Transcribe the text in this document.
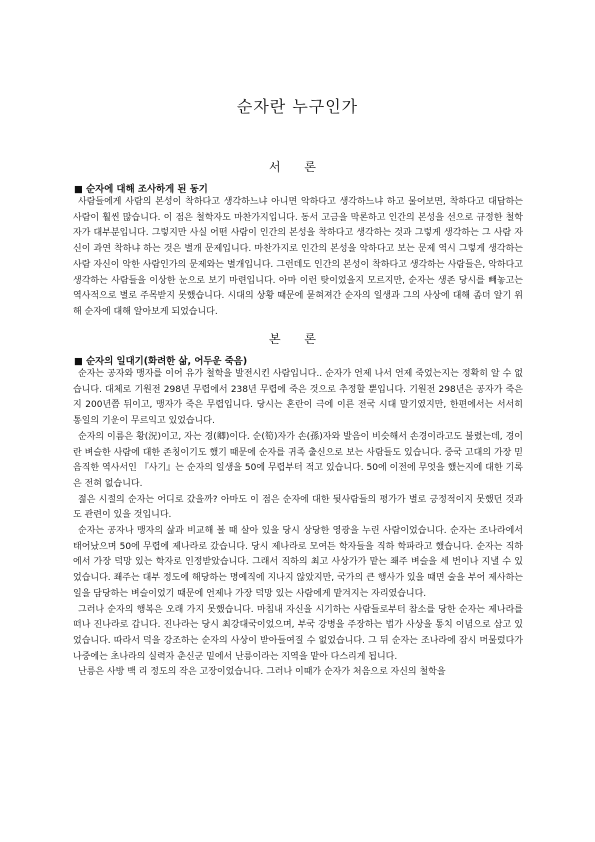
순자란 누구인가
서 론
■ 순자에 대해 조사하게 된 동기

사람들에게 사람의 본성이 착하다고 생각하느냐 아니면 악하다고 생각하느냐 하고 물어보면, 착하다고 대답하는 사람이 훨씬 많습니다. 이 점은 철학자도 마찬가지입니다. 동서 고금을 막론하고 인간의 본성을 선으로 규정한 철학자가 대부분입니다. 그렇지만 사실 어떤 사람이 인간의 본성을 착하다고 생각하는 것과 그렇게 생각하는 그 사람 자신이 과연 착하냐 하는 것은 별개 문제입니다. 마찬가지로 인간의 본성을 악하다고 보는 문제 역시 그렇게 생각하는 사람 자신이 악한 사람인가의 문제와는 별개입니다. 그런데도 인간의 본성이 착하다고 생각하는 사람들은, 악하다고 생각하는 사람들을 이상한 눈으로 보기 마련입니다. 아마 이런 탓이었을지 모르지만, 순자는 생존 당시를 빼놓고는 역사적으로 별로 주목받지 못했습니다. 시대의 상황 때문에 묻혀져간 순자의 일생과 그의 사상에 대해 좀더 알기 위해 순자에 대해 알아보게 되었습니다.

본 론
■ 순자의 일대기(화려한 삶, 어두운 죽음)

순자는 공자와 맹자를 이어 유가 철학을 발전시킨 사람입니다.. 순자가 언제 나서 언제 죽었는지는 정확히 알 수 없습니다. 대체로 기원전 298년 무렵에서 238년 무렵에 죽은 것으로 추정할 뿐입니다. 기원전 298년은 공자가 죽은지 200년쯤 뒤이고, 맹자가 죽은 무렵입니다. 당시는 혼란이 극에 이른 전국 시대 말기였지만, 한편에서는 서서히 통일의 기운이 무르익고 있었습니다.

순자의 이름은 황(況)이고, 자는 경(卿)이다. 순(筍)자가 손(孫)자와 발음이 비슷해서 손경이라고도 불렸는데, 경이란 벼슬한 사람에 대한 존칭이기도 했기 때문에 순자를 귀족 출신으로 보는 사람들도 있습니다. 중국 고대의 가장 믿음직한 역사서인 『사기』는 순자의 일생을 50에 무렵부터 적고 있습니다. 50에 이전에 무엇을 했는지에 대한 기록은 전혀 없습니다.

젊은 시절의 순자는 어디로 갔을까? 아마도 이 점은 순자에 대한 뒷사람들의 평가가 별로 긍정적이지 못했던 것과도 관련이 있을 것입니다.

순자는 공자나 맹자의 삶과 비교해 볼 때 살아 있을 당시 상당한 영광을 누린 사람이었습니다. 순자는 조나라에서 태어났으며 50에 무렵에 제나라로 갔습니다. 당시 제나라로 모여든 학자들을 직하 학파라고 했습니다. 순자는 직하에서 가장 덕망 있는 학자로 인정받았습니다. 그래서 직하의 최고 사상가가 맡는 좨주 벼슬을 세 번이나 지낼 수 있었습니다. 좨주는 대부 정도에 해당하는 명예직에 지나지 않았지만, 국가의 큰 행사가 있을 때면 술을 부어 제사하는 일을 담당하는 벼슬이었기 때문에 언제나 가장 덕망 있는 사람에게 맡겨지는 자리였습니다.

그러나 순자의 행복은 오래 가지 못했습니다. 마침내 자신을 시기하는 사람들로부터 참소를 당한 순자는 제나라를 떠나 진나라로 갑니다. 진나라는 당시 최강대국이었으며, 부국 강병을 주장하는 법가 사상을 통치 이념으로 삼고 있었습니다. 따라서 덕을 강조하는 순자의 사상이 받아들여질 수 없었습니다. 그 뒤 순자는 조나라에 잠시 머물렀다가 나중에는 초나라의 실력자 춘신군 밑에서 난릉이라는 지역을 맡아 다스리게 됩니다.

난릉은 사방 백 리 정도의 작은 고장이었습니다. 그러나 이때가 순자가 처음으로 자신의 철학을
